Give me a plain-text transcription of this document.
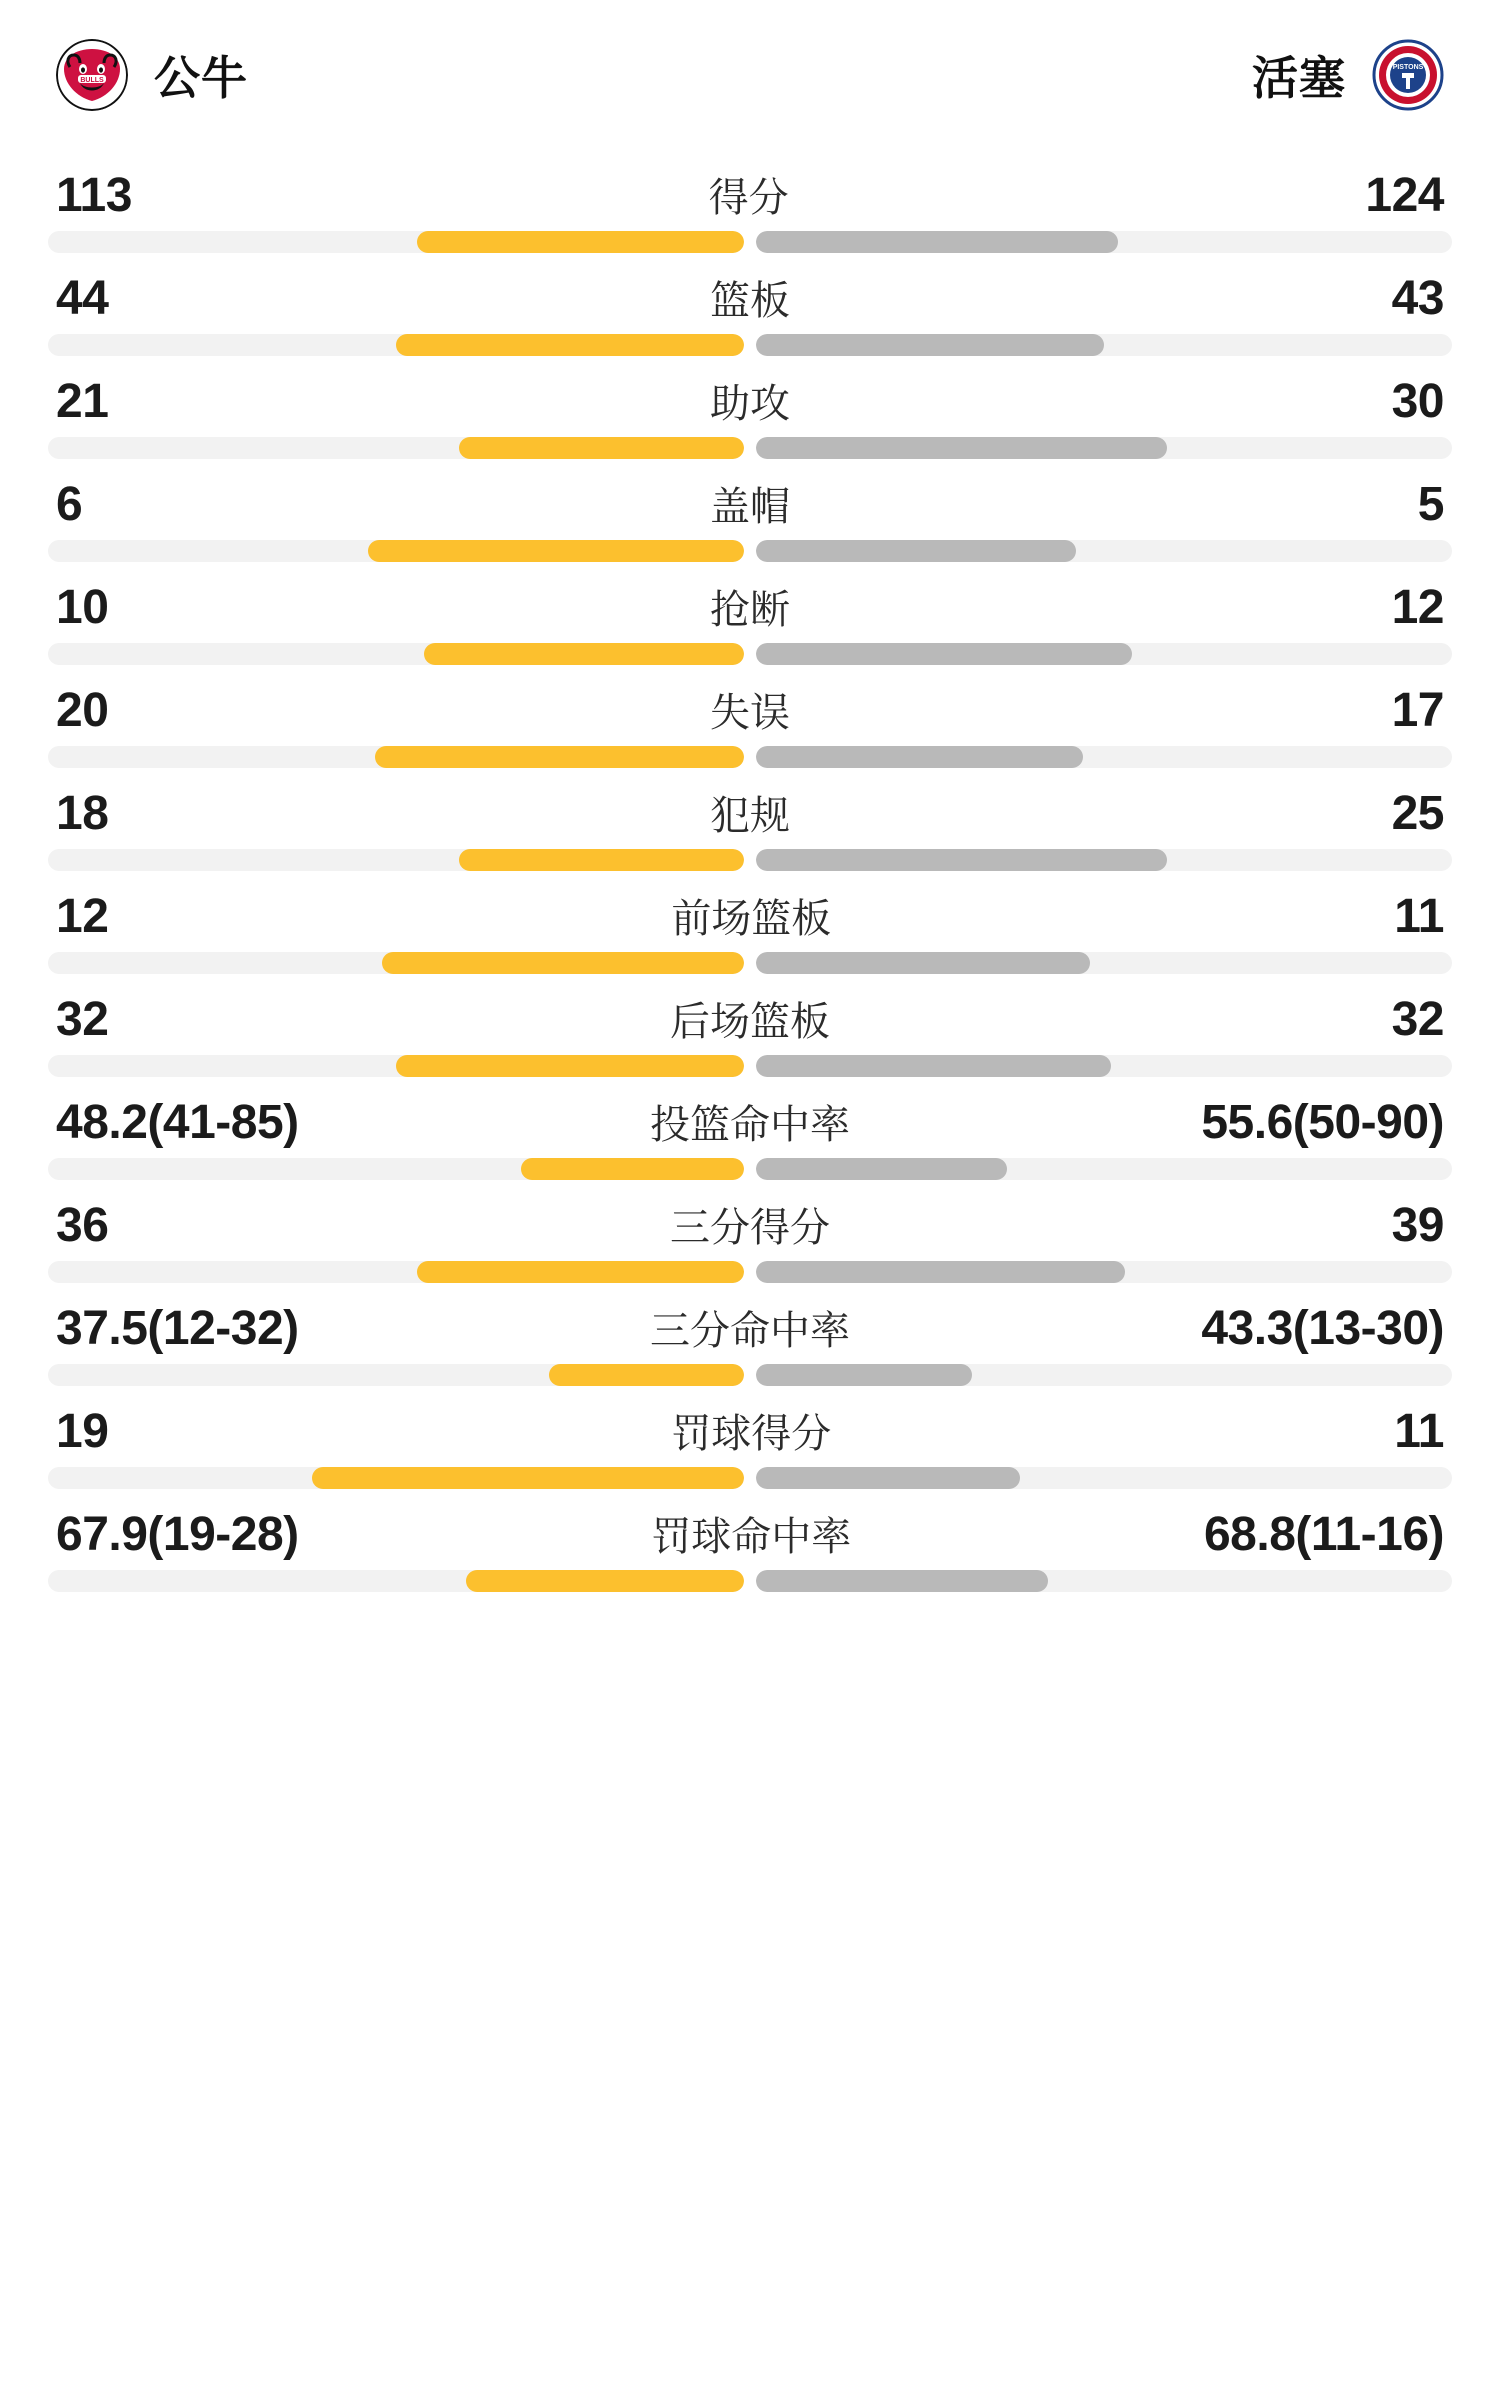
BULLS 公牛	活塞	PISTONS
113	得分	124
44	篮板	43
21	助攻	30
6	盖帽	5
10	抢断	12
20	失误	17
18	犯规	25
12	前场篮板	11
32	后场篮板	32
48.2(41-85)	投篮命中率	55.6(50-90)
36	三分得分	39
37.5(12-32)	三分命中率	43.3(13-30)
19	罚球得分	11
67.9(19-28)	罚球命中率	68.8(11-16)
